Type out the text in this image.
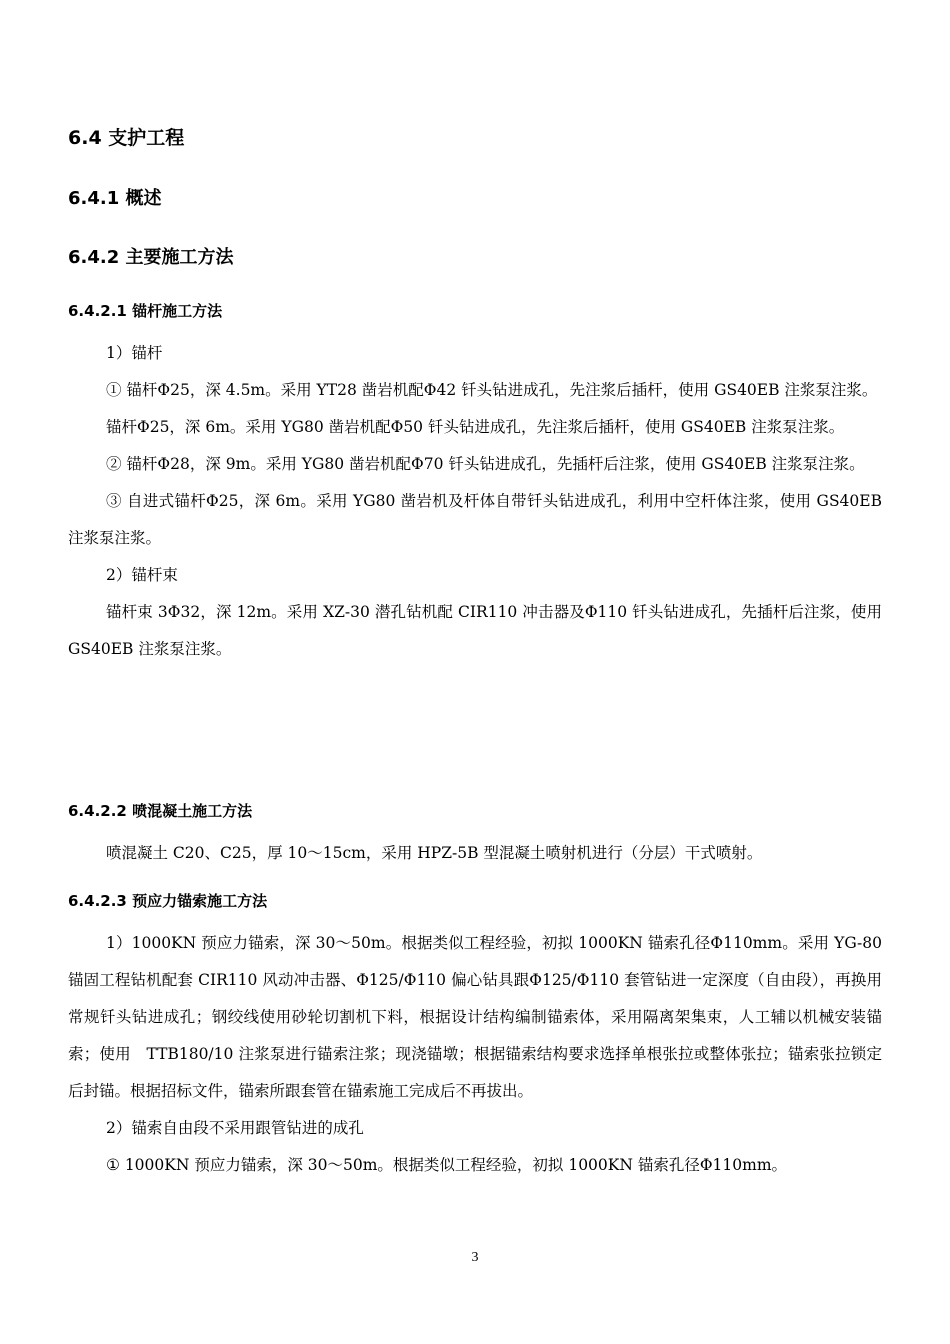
6.4 支护工程
6.4.1 概述
6.4.2 主要施工方法
6.4.2.1 锚杆施工方法

1）锚杆

① 锚杆Φ25，深 4.5m。采用 YT28 凿岩机配Φ42 钎头钻进成孔，先注浆后插杆，使用 GS40EB 注浆泵注浆。

锚杆Φ25，深 6m。采用 YG80 凿岩机配Φ50 钎头钻进成孔，先注浆后插杆，使用 GS40EB 注浆泵注浆。

② 锚杆Φ28，深 9m。采用 YG80 凿岩机配Φ70 钎头钻进成孔，先插杆后注浆，使用 GS40EB 注浆泵注浆。

③ 自进式锚杆Φ25，深 6m。采用 YG80 凿岩机及杆体自带钎头钻进成孔，利用中空杆体注浆，使用 GS40EB 注浆泵注浆。

2）锚杆束

锚杆束 3Φ32，深 12m。采用 XZ-30 潜孔钻机配 CIR110 冲击器及Φ110 钎头钻进成孔，先插杆后注浆，使用 GS40EB 注浆泵注浆。

6.4.2.2 喷混凝土施工方法

喷混凝土 C20、C25，厚 10～15cm，采用 HPZ-5B 型混凝土喷射机进行（分层）干式喷射。

6.4.2.3 预应力锚索施工方法

1）1000KN 预应力锚索，深 30～50m。根据类似工程经验，初拟 1000KN 锚索孔径Φ110mm。采用 YG-80 锚固工程钻机配套 CIR110 风动冲击器、Φ125/Φ110 偏心钻具跟Φ125/Φ110 套管钻进一定深度（自由段），再换用常规钎头钻进成孔；钢绞线使用砂轮切割机下料，根据设计结构编制锚索体，采用隔离架集束，人工辅以机械安装锚索；使用　TTB180/10 注浆泵进行锚索注浆；现浇锚墩；根据锚索结构要求选择单根张拉或整体张拉；锚索张拉锁定后封锚。根据招标文件，锚索所跟套管在锚索施工完成后不再拔出。

2）锚索自由段不采用跟管钻进的成孔

① 1000KN 预应力锚索，深 30～50m。根据类似工程经验，初拟 1000KN 锚索孔径Φ110mm。

3
